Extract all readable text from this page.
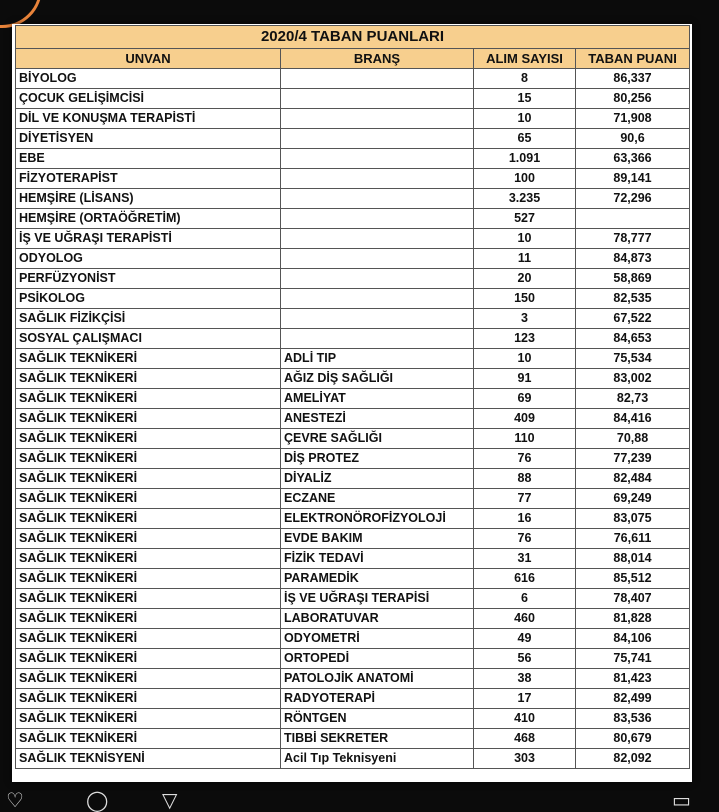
2020/4 TABAN PUANLARI			
UNVAN	BRANŞ	ALIM SAYISI	TABAN PUANI
BİYOLOG		8	86,337
ÇOCUK GELİŞİMCİSİ		15	80,256
DİL VE KONUŞMA TERAPİSTİ		10	71,908
DİYETİSYEN		65	90,6
EBE		1.091	63,366
FİZYOTERAPİST		100	89,141
HEMŞİRE (LİSANS)		3.235	72,296
HEMŞİRE (ORTAÖĞRETİM)		527	
İŞ VE UĞRAŞI TERAPİSTİ		10	78,777
ODYOLOG		11	84,873
PERFÜZYONİST		20	58,869
PSİKOLOG		150	82,535
SAĞLIK FİZİKÇİSİ		3	67,522
SOSYAL ÇALIŞMACI		123	84,653
SAĞLIK TEKNİKERİ	ADLİ TIP	10	75,534
SAĞLIK TEKNİKERİ	AĞIZ DİŞ SAĞLIĞI	91	83,002
SAĞLIK TEKNİKERİ	AMELİYAT	69	82,73
SAĞLIK TEKNİKERİ	ANESTEZİ	409	84,416
SAĞLIK TEKNİKERİ	ÇEVRE SAĞLIĞI	110	70,88
SAĞLIK TEKNİKERİ	DİŞ PROTEZ	76	77,239
SAĞLIK TEKNİKERİ	DİYALİZ	88	82,484
SAĞLIK TEKNİKERİ	ECZANE	77	69,249
SAĞLIK TEKNİKERİ	ELEKTRONÖROFİZYOLOJİ	16	83,075
SAĞLIK TEKNİKERİ	EVDE BAKIM	76	76,611
SAĞLIK TEKNİKERİ	FİZİK TEDAVİ	31	88,014
SAĞLIK TEKNİKERİ	PARAMEDİK	616	85,512
SAĞLIK TEKNİKERİ	İŞ VE UĞRAŞI TERAPİSİ	6	78,407
SAĞLIK TEKNİKERİ	LABORATUVAR	460	81,828
SAĞLIK TEKNİKERİ	ODYOMETRİ	49	84,106
SAĞLIK TEKNİKERİ	ORTOPEDİ	56	75,741
SAĞLIK TEKNİKERİ	PATOLOJİK ANATOMİ	38	81,423
SAĞLIK TEKNİKERİ	RADYOTERAPİ	17	82,499
SAĞLIK TEKNİKERİ	RÖNTGEN	410	83,536
SAĞLIK TEKNİKERİ	TIBBİ SEKRETER	468	80,679
SAĞLIK TEKNİSYENİ	Acil Tıp Teknisyeni	303	82,092
♡	◯	▽	▭
